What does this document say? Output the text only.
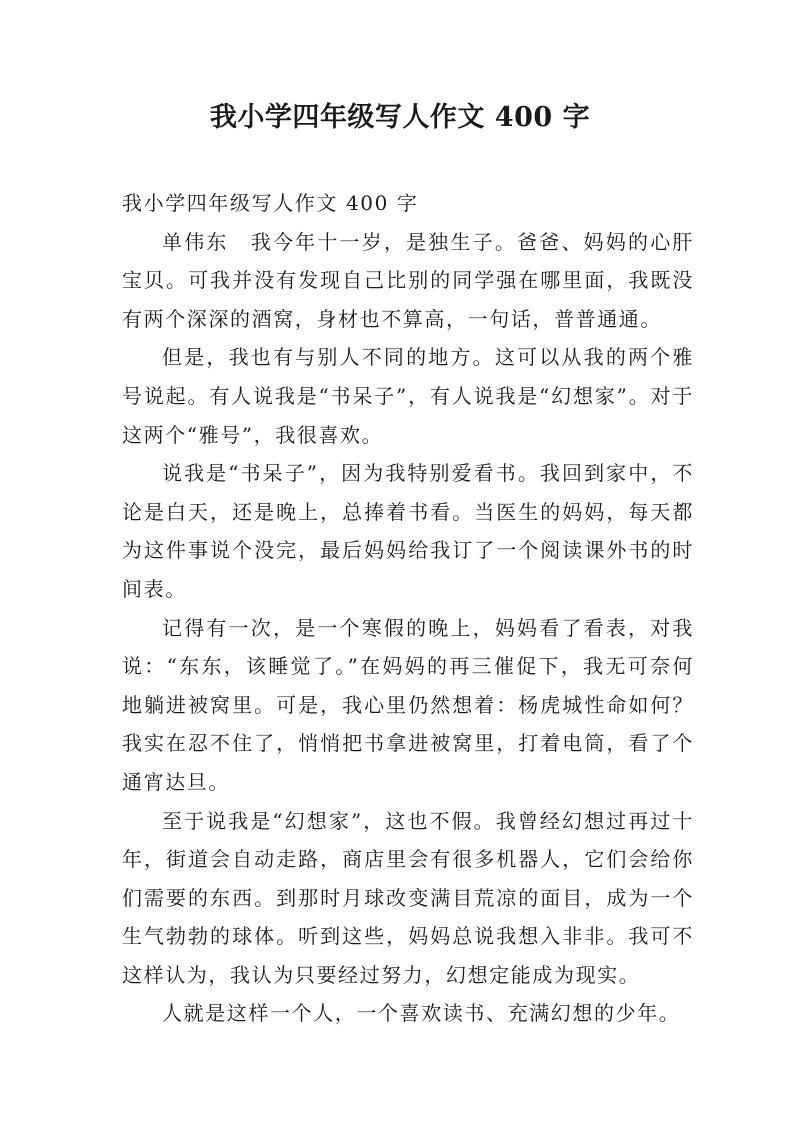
我小学四年级写人作文 400 字

我小学四年级写人作文 400 字

单伟东　我今年十一岁，是独生子。爸爸、妈妈的心肝宝贝。可我并没有发现自己比别的同学强在哪里面，我既没有两个深深的酒窝，身材也不算高，一句话，普普通通。

但是，我也有与别人不同的地方。这可以从我的两个雅号说起。有人说我是“书呆子”，有人说我是“幻想家”。对于这两个“雅号”，我很喜欢。

说我是“书呆子”，因为我特别爱看书。我回到家中，不论是白天，还是晚上，总捧着书看。当医生的妈妈，每天都为这件事说个没完，最后妈妈给我订了一个阅读课外书的时间表。

记得有一次，是一个寒假的晚上，妈妈看了看表，对我说：“东东，该睡觉了。”在妈妈的再三催促下，我无可奈何地躺进被窝里。可是，我心里仍然想着：杨虎城性命如何？我实在忍不住了，悄悄把书拿进被窝里，打着电筒，看了个通宵达旦。

至于说我是“幻想家”，这也不假。我曾经幻想过再过十年，街道会自动走路，商店里会有很多机器人，它们会给你们需要的东西。到那时月球改变满目荒凉的面目，成为一个生气勃勃的球体。听到这些，妈妈总说我想入非非。我可不这样认为，我认为只要经过努力，幻想定能成为现实。

人就是这样一个人，一个喜欢读书、充满幻想的少年。
